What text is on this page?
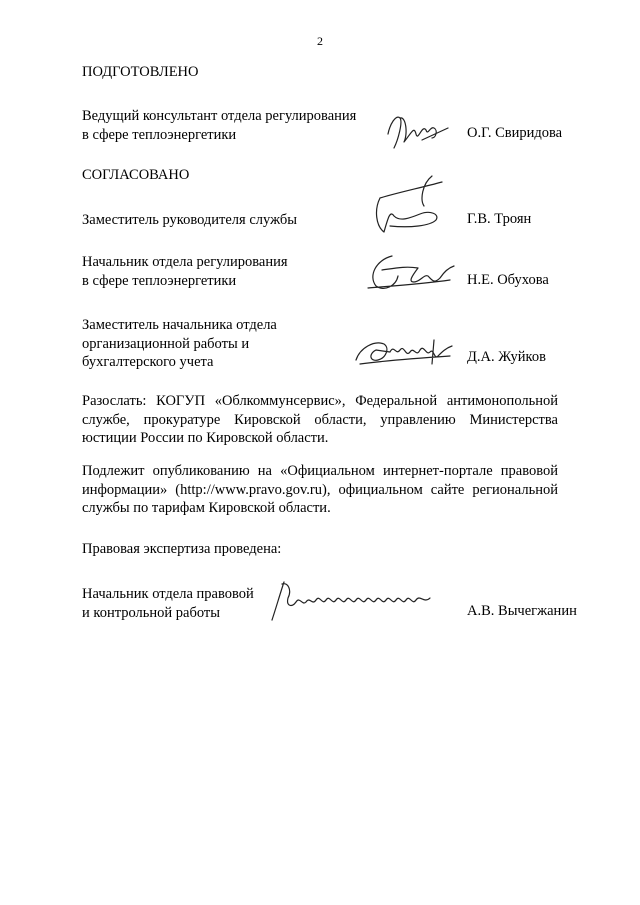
2
ПОДГОТОВЛЕНО
Ведущий консультант отдела регулирования
в сфере теплоэнергетики	О.Г. Свиридова
СОГЛАСОВАНО
Заместитель руководителя службы	Г.В. Троян
Начальник отдела регулирования
в сфере теплоэнергетики	Н.Е. Обухова
Заместитель начальника отдела
организационной работы и
бухгалтерского учета	Д.А. Жуйков
Разослать: КОГУП «Облкоммунсервис», Федеральной антимонопольной службе, прокуратуре Кировской области, управлению Министерства юстиции России по Кировской области.
Подлежит опубликованию на «Официальном интернет-портале правовой информации» (http://www.pravo.gov.ru), официальном сайте региональной службы по тарифам Кировской области.
Правовая экспертиза проведена:
Начальник отдела правовой
и контрольной работы	А.В. Вычегжанин
